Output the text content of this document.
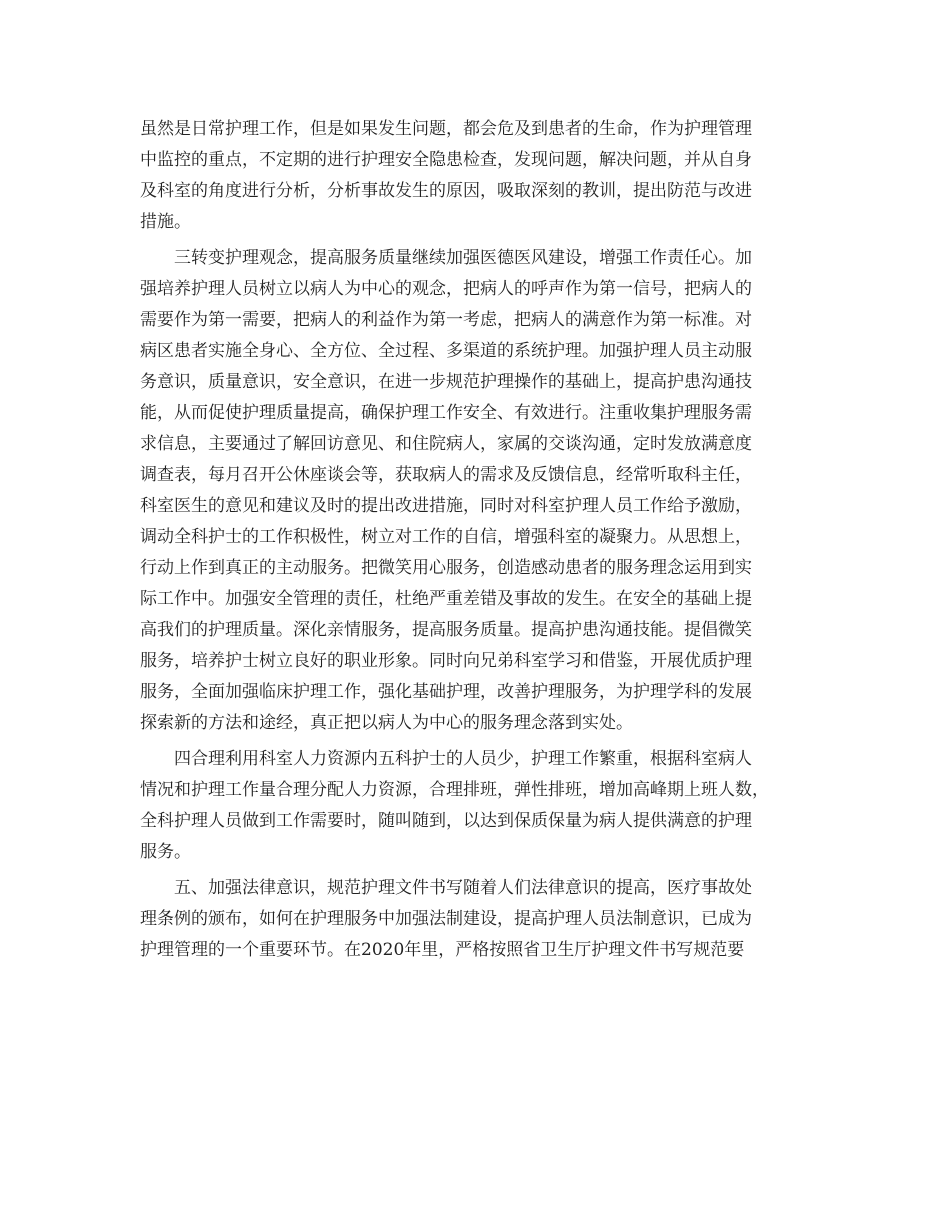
虽然是日常护理工作，但是如果发生问题，都会危及到患者的生命，作为护理管理
中监控的重点，不定期的进行护理安全隐患检查，发现问题，解决问题，并从自身
及科室的角度进行分析，分析事故发生的原因，吸取深刻的教训，提出防范与改进
措施。
三转变护理观念，提高服务质量继续加强医德医风建设，增强工作责任心。加
强培养护理人员树立以病人为中心的观念，把病人的呼声作为第一信号，把病人的
需要作为第一需要，把病人的利益作为第一考虑，把病人的满意作为第一标准。对
病区患者实施全身心、全方位、全过程、多渠道的系统护理。加强护理人员主动服
务意识，质量意识，安全意识，在进一步规范护理操作的基础上，提高护患沟通技
能，从而促使护理质量提高，确保护理工作安全、有效进行。注重收集护理服务需
求信息，主要通过了解回访意见、和住院病人，家属的交谈沟通，定时发放满意度
调查表，每月召开公休座谈会等，获取病人的需求及反馈信息，经常听取科主任，
科室医生的意见和建议及时的提出改进措施，同时对科室护理人员工作给予激励，
调动全科护士的工作积极性，树立对工作的自信，增强科室的凝聚力。从思想上，
行动上作到真正的主动服务。把微笑用心服务，创造感动患者的服务理念运用到实
际工作中。加强安全管理的责任，杜绝严重差错及事故的发生。在安全的基础上提
高我们的护理质量。深化亲情服务，提高服务质量。提高护患沟通技能。提倡微笑
服务，培养护士树立良好的职业形象。同时向兄弟科室学习和借鉴，开展优质护理
服务，全面加强临床护理工作，强化基础护理，改善护理服务，为护理学科的发展
探索新的方法和途经，真正把以病人为中心的服务理念落到实处。
四合理利用科室人力资源内五科护士的人员少，护理工作繁重，根据科室病人
情况和护理工作量合理分配人力资源，合理排班，弹性排班，增加高峰期上班人数，
全科护理人员做到工作需要时，随叫随到，以达到保质保量为病人提供满意的护理
服务。
五、加强法律意识，规范护理文件书写随着人们法律意识的提高，医疗事故处
理条例的颁布，如何在护理服务中加强法制建设，提高护理人员法制意识，已成为
护理管理的一个重要环节。在2020年里，严格按照省卫生厅护理文件书写规范要
